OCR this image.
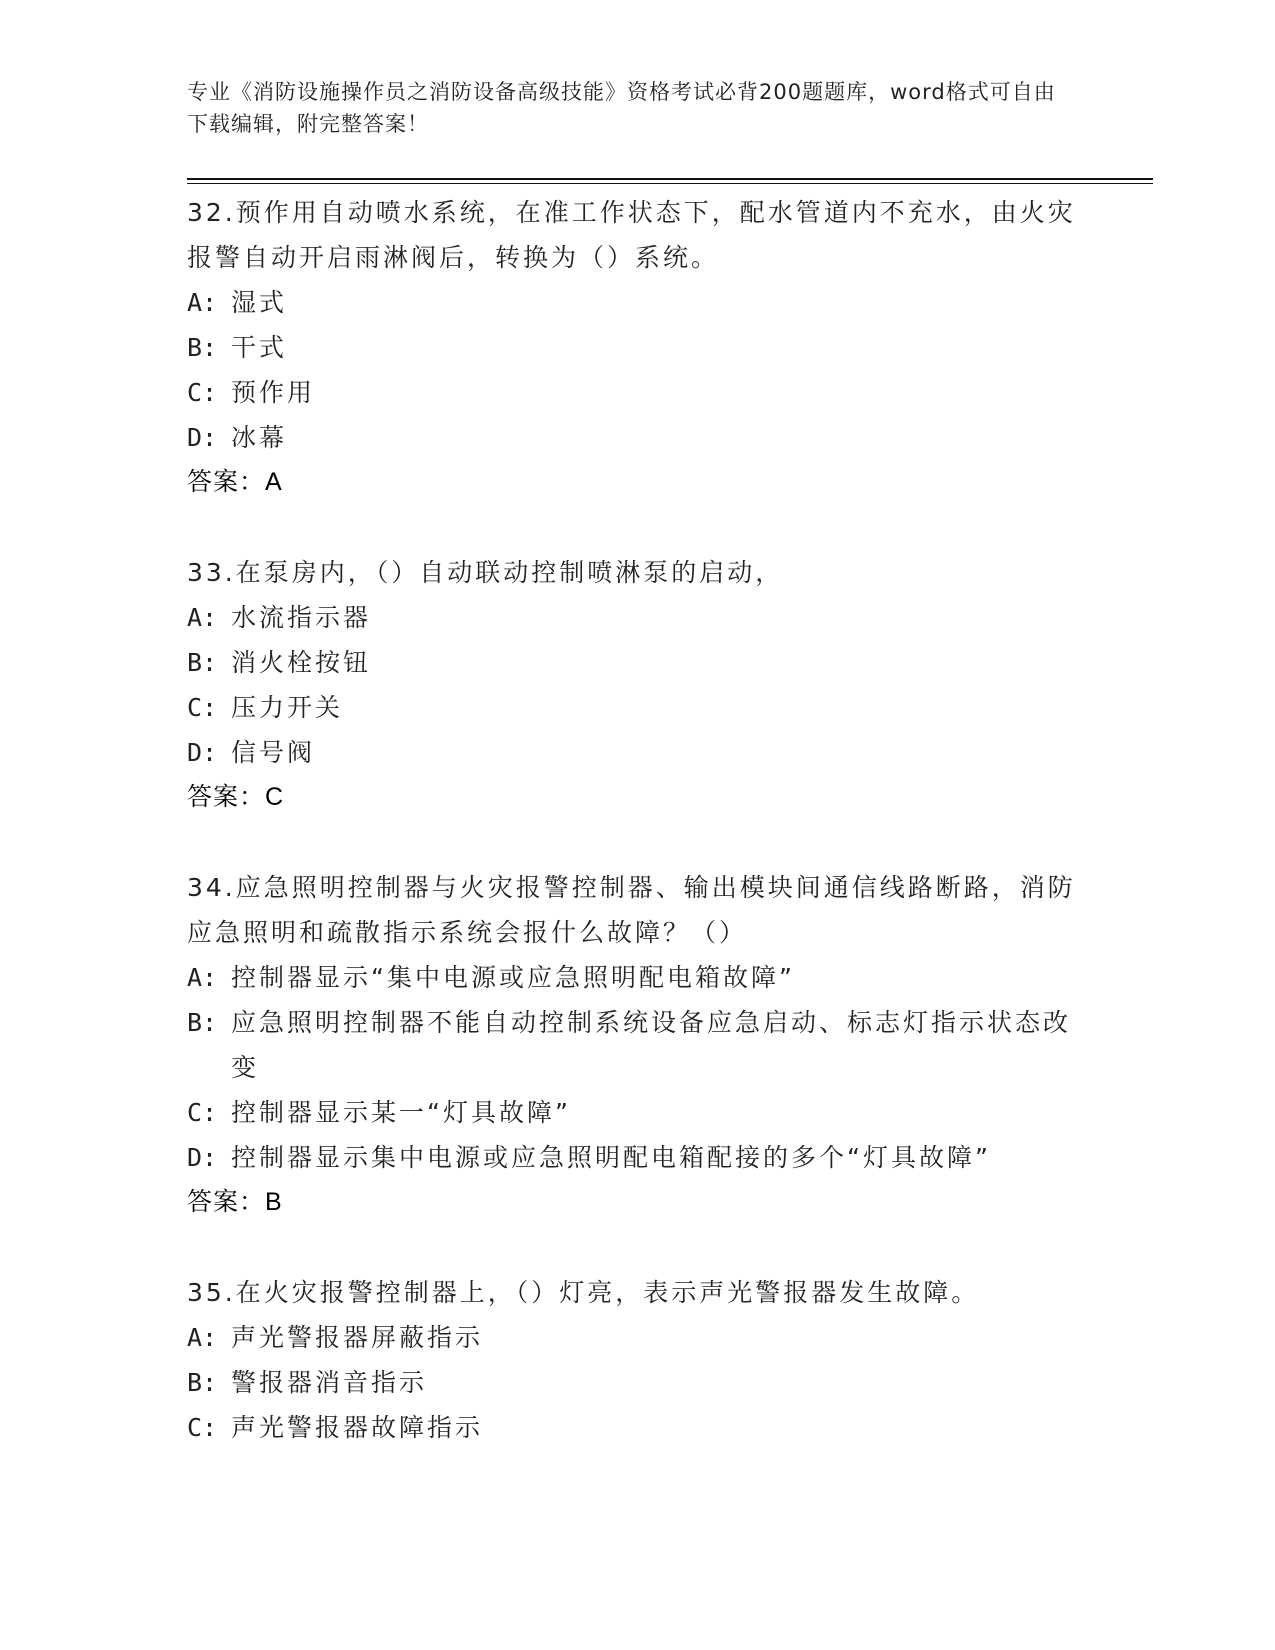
专业《消防设施操作员之消防设备高级技能》资格考试必背200题题库，word格式可自由下载编辑，附完整答案！

32.预作用自动喷水系统，在准工作状态下，配水管道内不充水，由火灾报警自动开启雨淋阀后，转换为（）系统。

A: 湿式
B: 干式
C: 预作用
D: 冰幕

答案：A

33.在泵房内，（）自动联动控制喷淋泵的启动，

A: 水流指示器
B: 消火栓按钮
C: 压力开关
D: 信号阀

答案：C

34.应急照明控制器与火灾报警控制器、输出模块间通信线路断路，消防应急照明和疏散指示系统会报什么故障？（）

A: 控制器显示“集中电源或应急照明配电箱故障”
B: 应急照明控制器不能自动控制系统设备应急启动、标志灯指示状态改变
C: 控制器显示某一“灯具故障”
D: 控制器显示集中电源或应急照明配电箱配接的多个“灯具故障”

答案：B

35.在火灾报警控制器上，（）灯亮，表示声光警报器发生故障。

A: 声光警报器屏蔽指示
B: 警报器消音指示
C: 声光警报器故障指示
